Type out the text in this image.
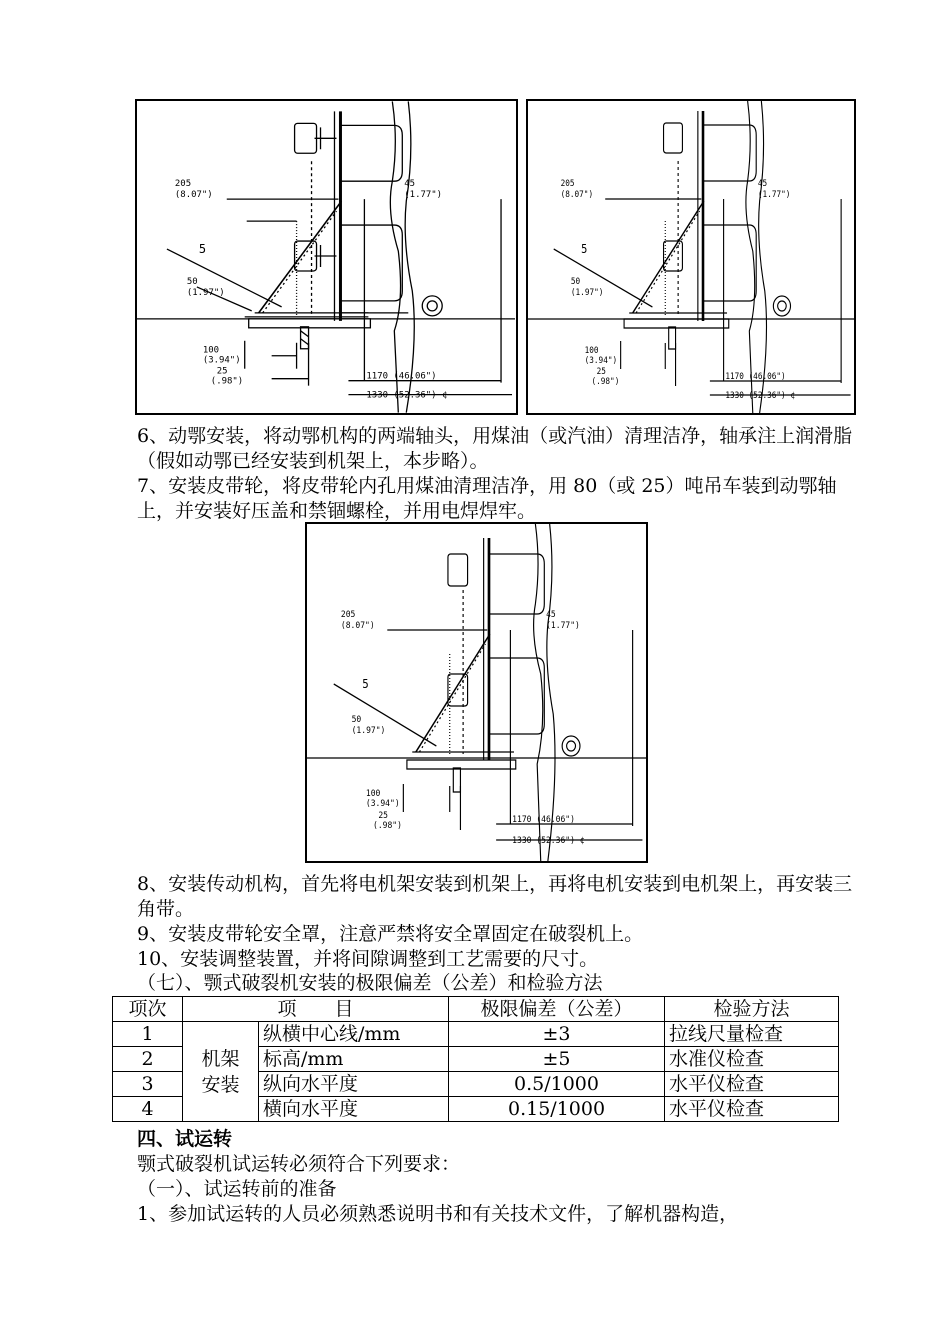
205
(8.07")
45
(1.77")
5
50
(1.97")
100
(3.94")
25
(.98")	1170 (46.06")
1330 (52.36") ¢
205
(8.07")
45
(1.77")
5
50
(1.97")
100
(3.94")
25
(.98")	1170 (46.06")
1330 (52.36") ¢

6、动鄂安装，将动鄂机构的两端轴头，用煤油（或汽油）清理洁净，轴承注上润滑脂（假如动鄂已经安装到机架上，本步略）。

7、安装皮带轮，将皮带轮内孔用煤油清理洁净，用 80（或 25）吨吊车装到动鄂轴上，并安装好压盖和禁锢螺栓，并用电焊焊牢。

205
(8.07")
45
(1.77")
5
50
(1.97")
100
(3.94")
25
(.98")
1170 (46.06")
1330 (52.36") ¢

8、安装传动机构，首先将电机架安装到机架上，再将电机安装到电机架上，再安装三角带。

9、安装皮带轮安全罩，注意严禁将安全罩固定在破裂机上。
10、安装调整装置，并将间隙调整到工艺需要的尺寸。
（七）、颚式破裂机安装的极限偏差（公差）和检验方法
项次	项　　目		极限偏差（公差）	检验方法
1	机架安装	纵横中心线/mm	±3	拉线尺量检查
2		标高/mm	±5	水准仪检查
3		纵向水平度	0.5/1000	水平仪检查
4		横向水平度	0.15/1000	水平仪检查
四、试运转
颚式破裂机试运转必须符合下列要求：
（一）、试运转前的准备
1、参加试运转的人员必须熟悉说明书和有关技术文件，了解机器构造，
